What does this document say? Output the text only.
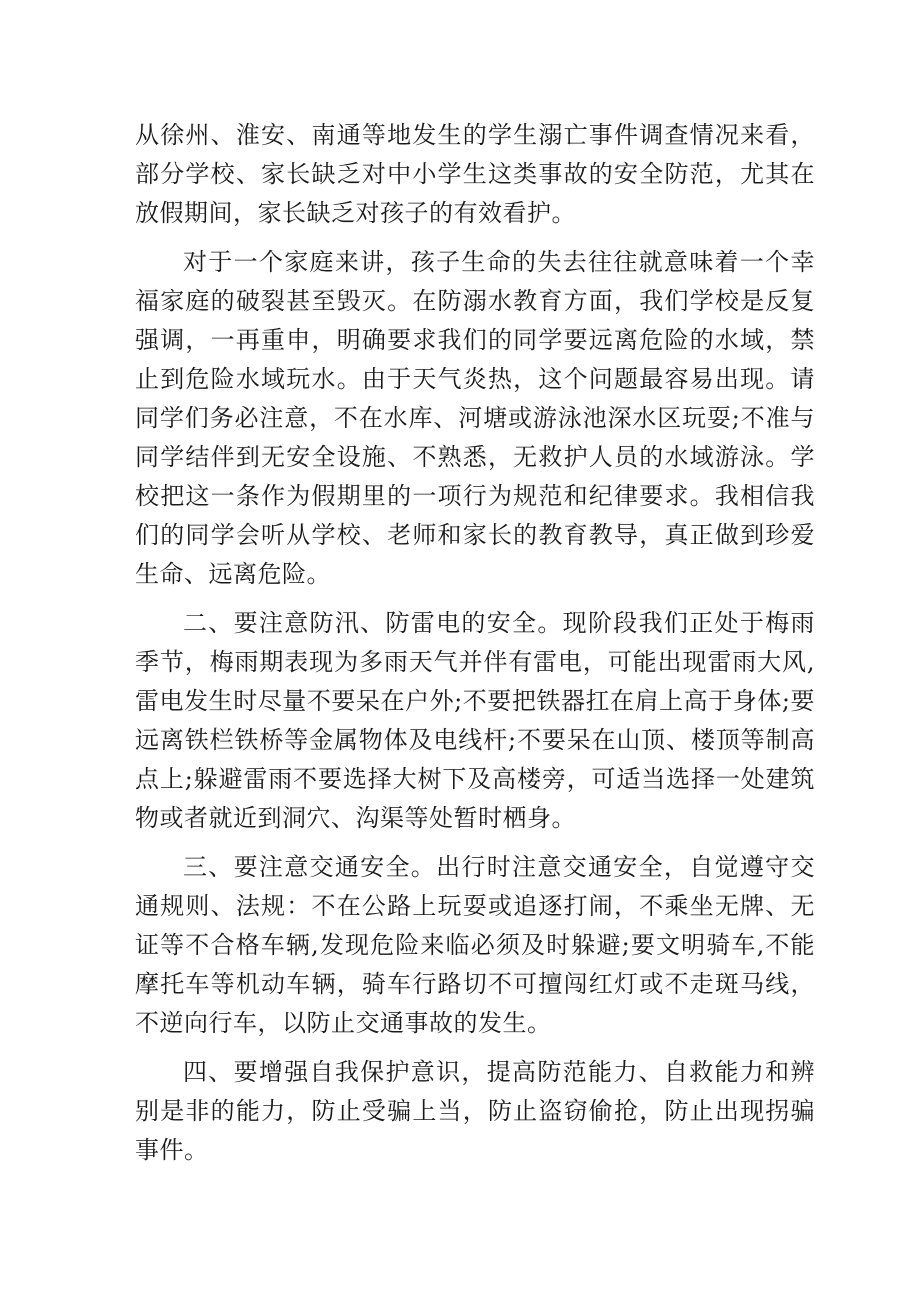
从徐州、淮安、南通等地发生的学生溺亡事件调查情况来看，部分学校、家长缺乏对中小学生这类事故的安全防范，尤其在放假期间，家长缺乏对孩子的有效看护。

对于一个家庭来讲，孩子生命的失去往往就意味着一个幸福家庭的破裂甚至毁灭。在防溺水教育方面，我们学校是反复强调，一再重申，明确要求我们的同学要远离危险的水域，禁止到危险水域玩水。由于天气炎热，这个问题最容易出现。请同学们务必注意，不在水库、河塘或游泳池深水区玩耍;不准与同学结伴到无安全设施、不熟悉，无救护人员的水域游泳。学校把这一条作为假期里的一项行为规范和纪律要求。我相信我们的同学会听从学校、老师和家长的教育教导，真正做到珍爱生命、远离危险。

二、要注意防汛、防雷电的安全。现阶段我们正处于梅雨季节，梅雨期表现为多雨天气并伴有雷电，可能出现雷雨大风,雷电发生时尽量不要呆在户外;不要把铁器扛在肩上高于身体;要远离铁栏铁桥等金属物体及电线杆;不要呆在山顶、楼顶等制高点上;躲避雷雨不要选择大树下及高楼旁，可适当选择一处建筑物或者就近到洞穴、沟渠等处暂时栖身。

三、要注意交通安全。出行时注意交通安全，自觉遵守交通规则、法规：不在公路上玩耍或追逐打闹，不乘坐无牌、无证等不合格车辆,发现危险来临必须及时躲避;要文明骑车,不能摩托车等机动车辆，骑车行路切不可擅闯红灯或不走斑马线，不逆向行车，以防止交通事故的发生。

四、要增强自我保护意识，提高防范能力、自救能力和辨别是非的能力，防止受骗上当，防止盗窃偷抢，防止出现拐骗事件。
